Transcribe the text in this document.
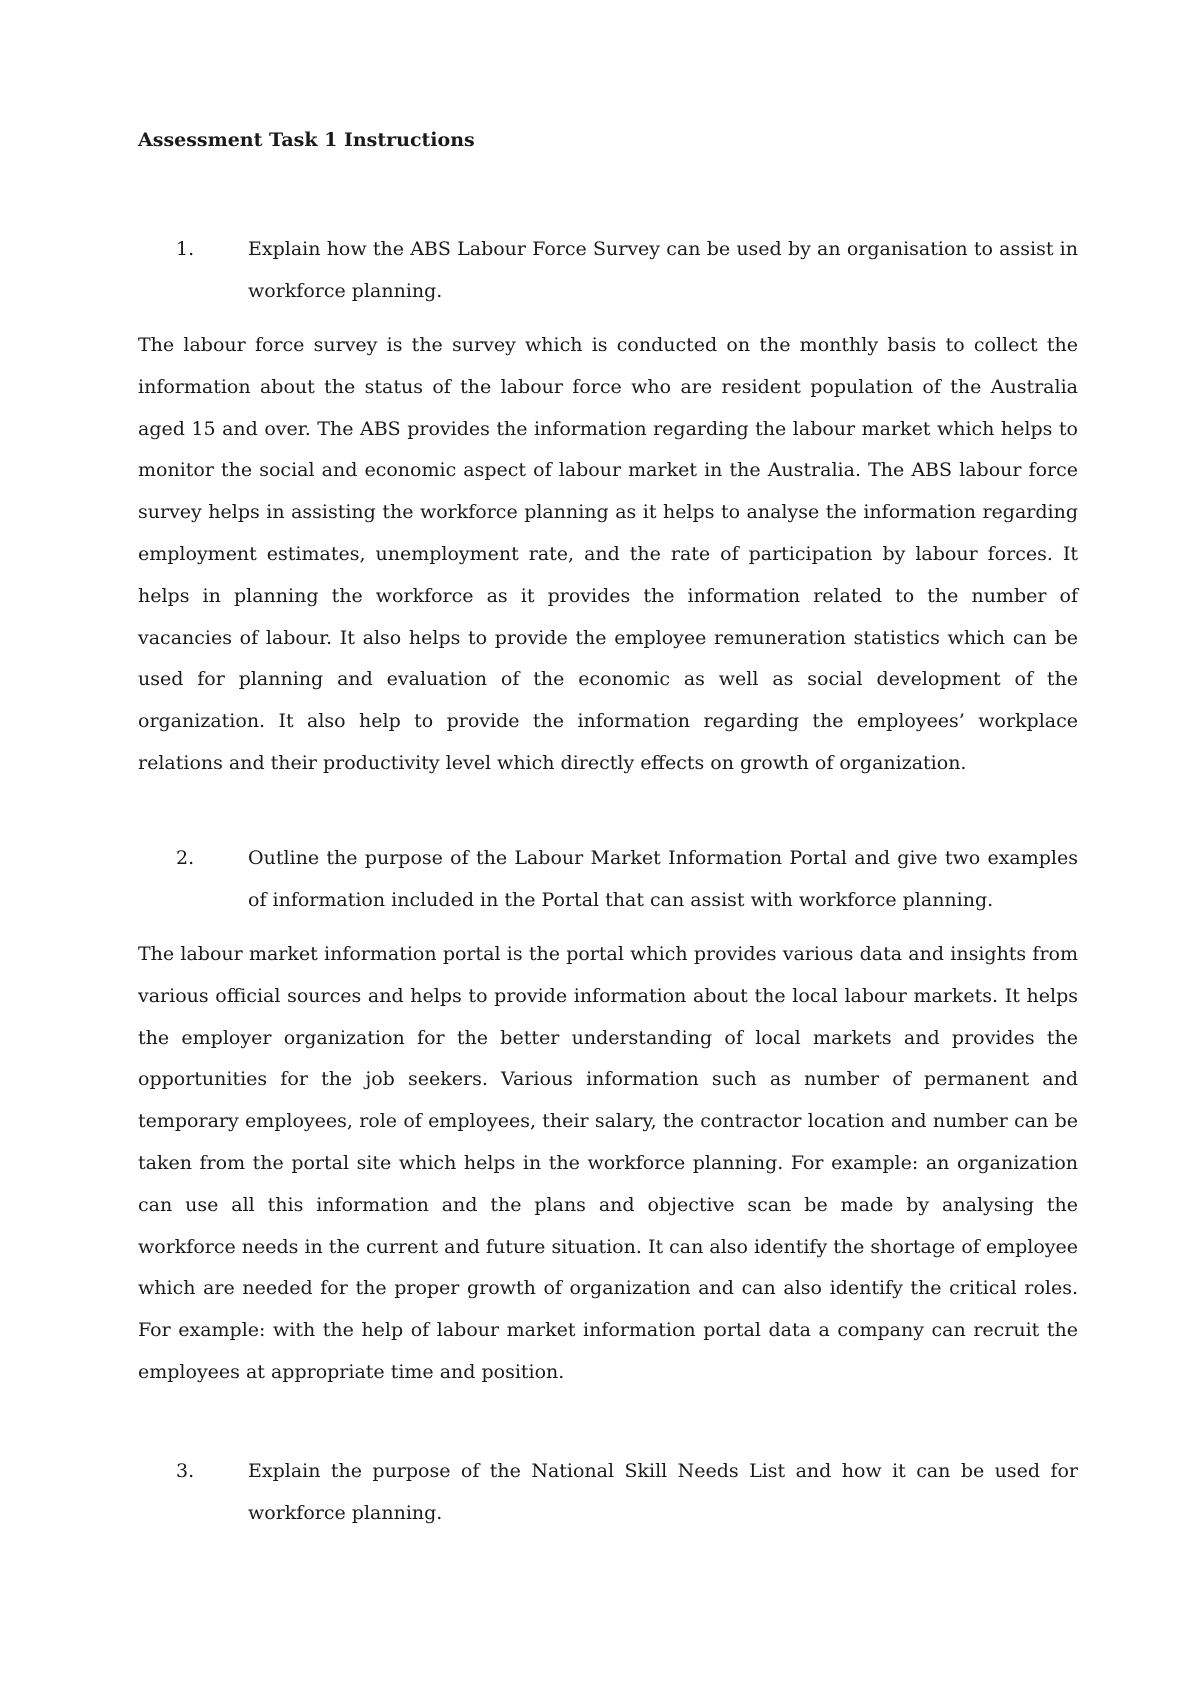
Assessment Task 1 Instructions
1.	Explain how the ABS Labour Force Survey can be used by an organisation to assist in workforce planning.

The labour force survey is the survey which is conducted on the monthly basis to collect the information about the status of the labour force who are resident population of the Australia aged 15 and over. The ABS provides the information regarding the labour market which helps to monitor the social and economic aspect of labour market in the Australia. The ABS labour force survey helps in assisting the workforce planning as it helps to analyse the information regarding employment estimates, unemployment rate, and the rate of participation by labour forces. It helps in planning the workforce as it provides the information related to the number of vacancies of labour. It also helps to provide the employee remuneration statistics which can be used for planning and evaluation of the economic as well as social development of the organization. It also help to provide the information regarding the employees’ workplace relations and their productivity level which directly effects on growth of organization.

2.	Outline the purpose of the Labour Market Information Portal and give two examples of information included in the Portal that can assist with workforce planning.

The labour market information portal is the portal which provides various data and insights from various official sources and helps to provide information about the local labour markets. It helps the employer organization for the better understanding of local markets and provides the opportunities for the job seekers. Various information such as number of permanent and temporary employees, role of employees, their salary, the contractor location and number can be taken from the portal site which helps in the workforce planning. For example: an organization can use all this information and the plans and objective scan be made by analysing the workforce needs in the current and future situation. It can also identify the shortage of employee which are needed for the proper growth of organization and can also identify the critical roles. For example: with the help of labour market information portal data a company can recruit the employees at appropriate time and position.

3.	Explain the purpose of the National Skill Needs List and how it can be used for workforce planning.
